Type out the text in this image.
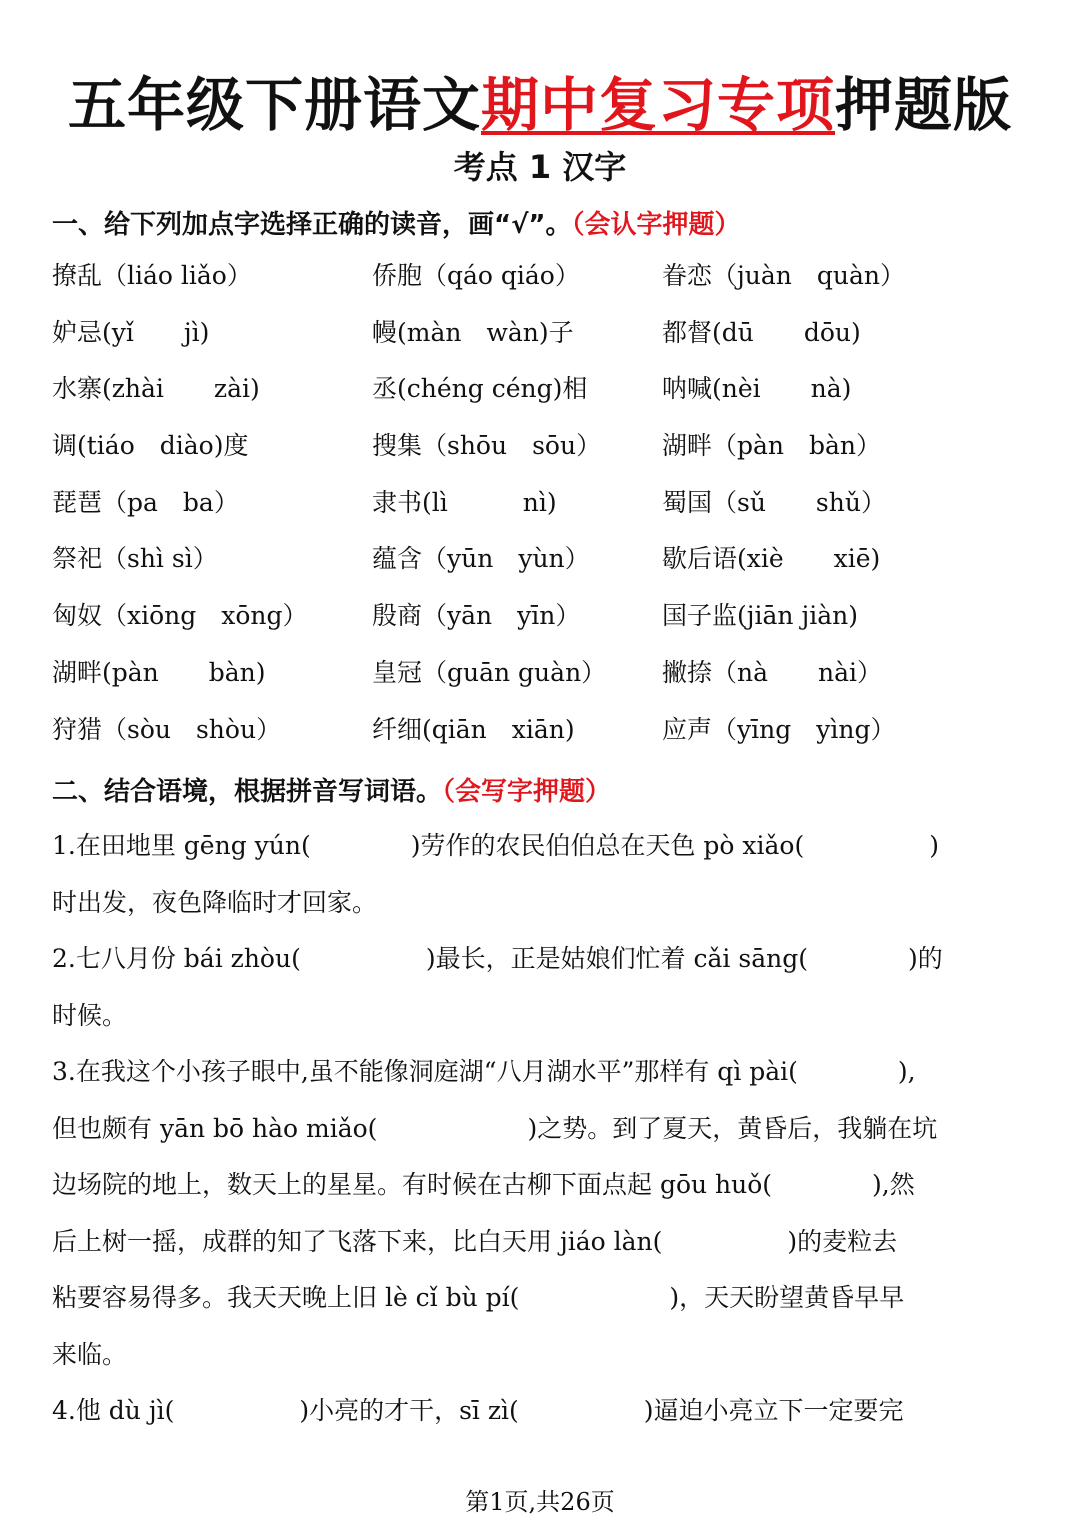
五年级下册语文期中复习专项押题版
考点 1 汉字
一、给下列加点字选择正确的读音，画“√”。（会认字押题）
撩乱（liáo liǎo）	侨胞（qáo qiáo）	眷恋（juàn　quàn）
妒忌(yǐ　　jì)	幔(màn　wàn)子	都督(dū　　dōu)
水寨(zhài　　zài)	丞(chéng céng)相	呐喊(nèi　　nà)
调(tiáo　diào)度	搜集（shōu　sōu） 湖畔（pàn　bàn）
琵琶（pa　ba）	隶书(lì　　　nì)	蜀国（sǔ　　shǔ）
祭祀（shì sì）	蕴含（yūn　yùn）	歇后语(xiè　　xiē)
匈奴（xiōng　xōng）	殷商（yān　yīn）	国子监(jiān jiàn)
湖畔(pàn　　bàn)	皇冠（guān guàn） 撇捺（nà　　nài）
狩猎（sòu　shòu）	纤细(qiān　xiān)	应声（yīng　yìng）
二、结合语境，根据拼音写词语。（会写字押题）
1.在田地里 gēng yún(　　　　)劳作的农民伯伯总在天色 pò xiǎo(　　　　　)
时出发，夜色降临时才回家。
2.七八月份 bái zhòu(　　　　　)最长，正是姑娘们忙着 cǎi sāng(　　　　)的
时候。
3.在我这个小孩子眼中,虽不能像洞庭湖“八月湖水平”那样有 qì pài(　　　　),
但也颇有 yān bō hào miǎo(　　　　　　)之势。到了夏天，黄昏后，我躺在坑
边场院的地上，数天上的星星。有时候在古柳下面点起 gōu huǒ(　　　　),然
后上树一摇，成群的知了飞落下来，比白天用 jiáo làn(　　　　　)的麦粒去
粘要容易得多。我天天晚上旧 lè cǐ bù pí(　　　　　　)，天天盼望黄昏早早
来临。
4.他 dù jì(　　　　　)小亮的才干，sī zì(　　　　　)逼迫小亮立下一定要完
第1页,共26页
